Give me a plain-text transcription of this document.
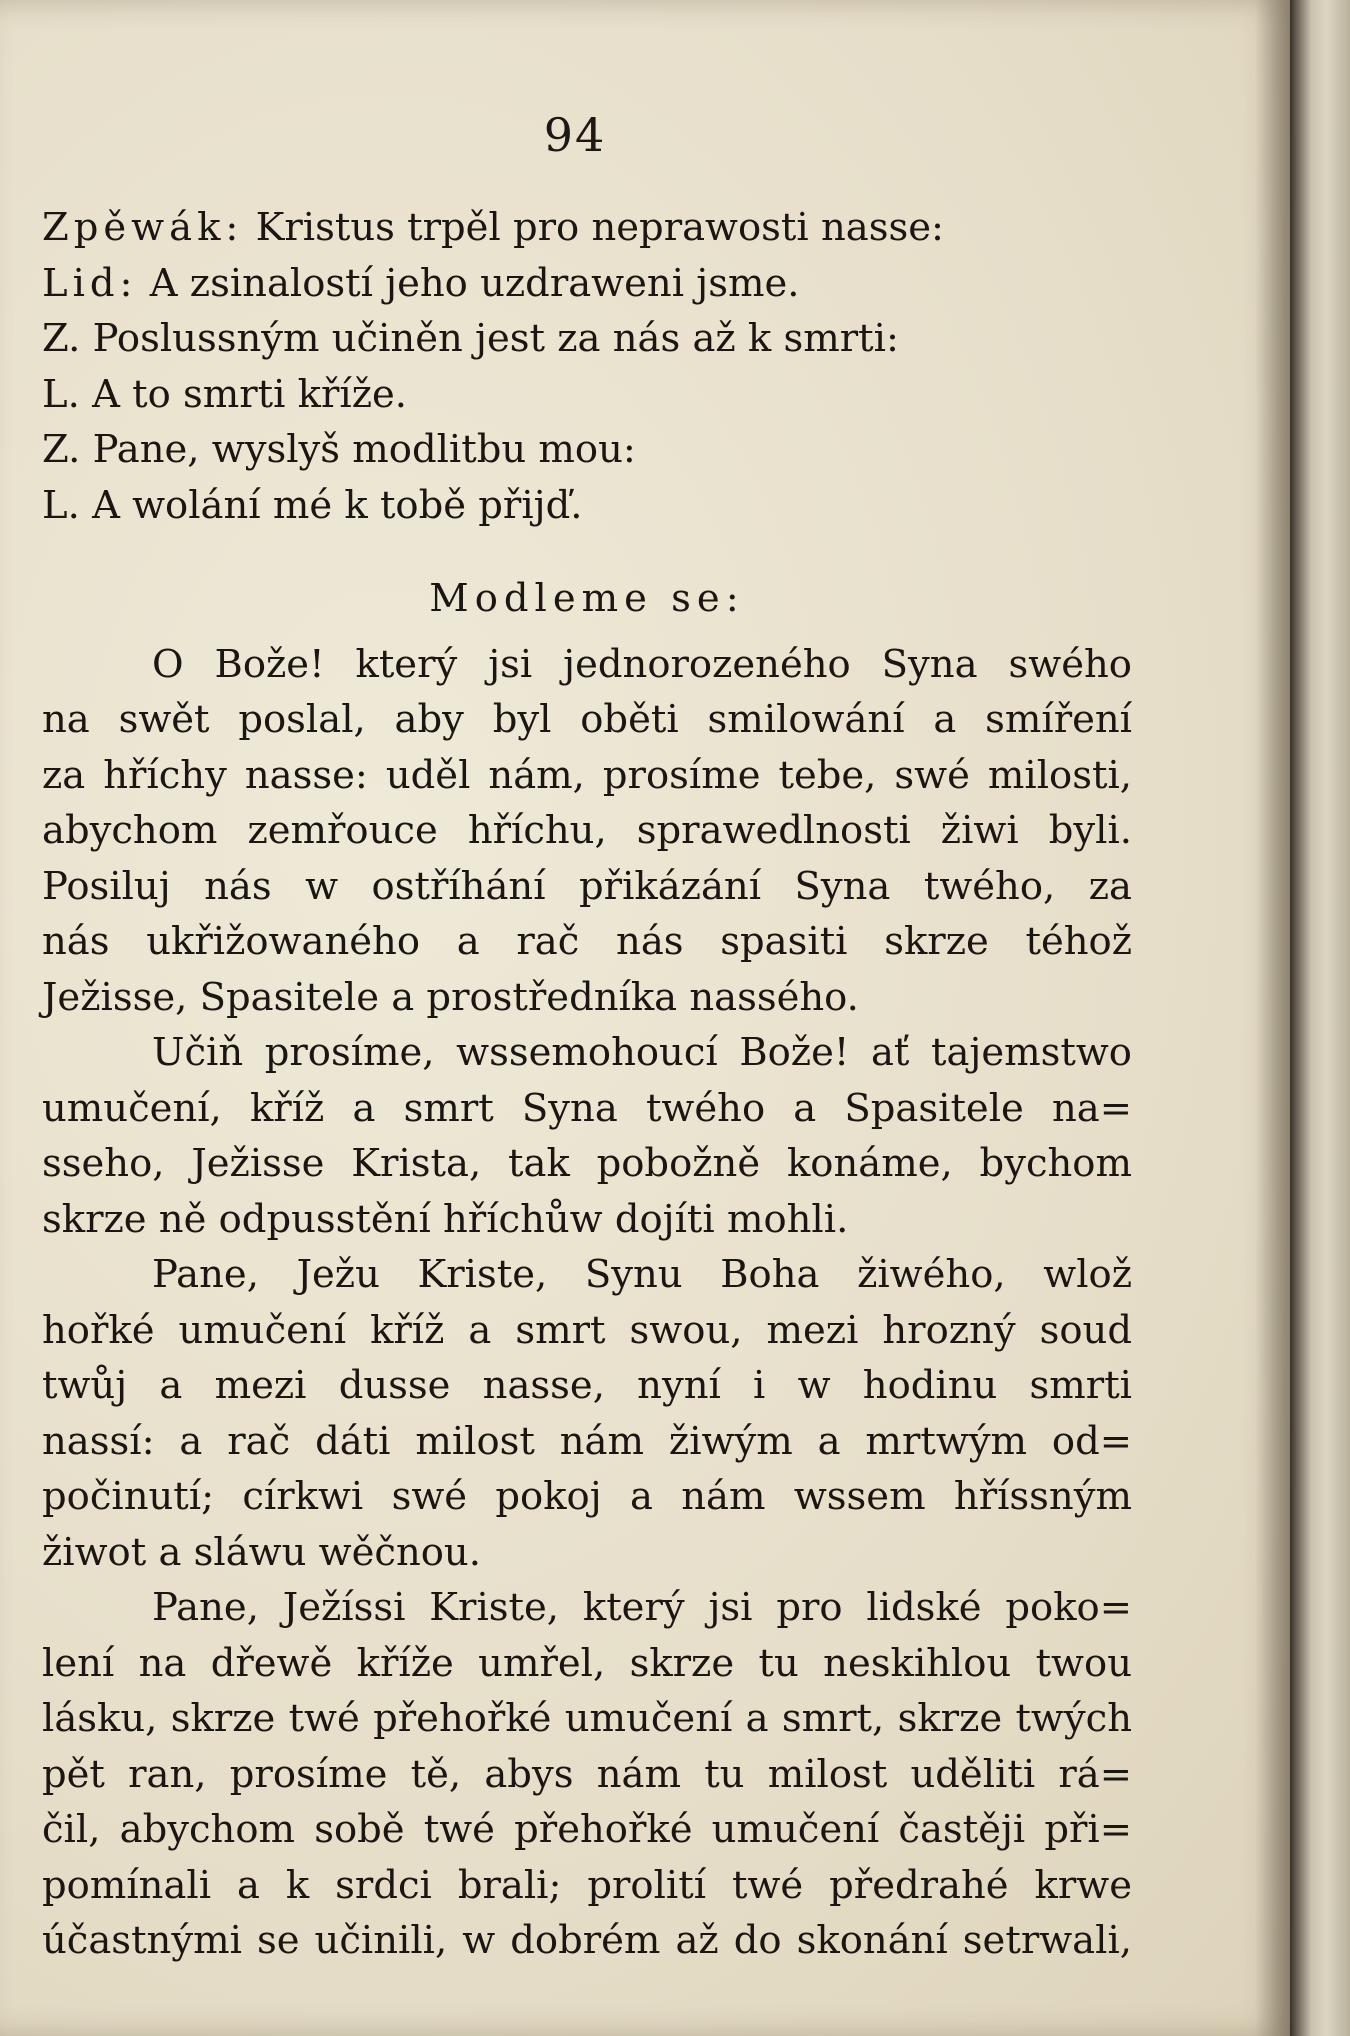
94
Zpěwák: Kristus trpěl pro neprawosti nasse:
Lid: A zsinalostí jeho uzdraweni jsme.
Z. Poslussným učiněn jest za nás až k smrti:
L. A to smrti kříže.
Z. Pane, wyslyš modlitbu mou:
L. A wolání mé k tobě přijď.
Modleme se:
O Bože! který jsi jednorozeného Syna swého
na swět poslal, aby byl oběti smilowání a smíření
za hříchy nasse: uděl nám, prosíme tebe, swé milosti,
abychom zemřouce hříchu, sprawedlnosti žiwi byli.
Posiluj nás w ostříhání přikázání Syna twého, za
nás ukřižowaného a rač nás spasiti skrze téhož
Ježisse, Spasitele a prostředníka nassého.
Učiň prosíme, wssemohoucí Bože! ať tajemstwo
umučení, kříž a smrt Syna twého a Spasitele na=
sseho, Ježisse Krista, tak pobožně konáme, bychom
skrze ně odpusstění hříchůw dojíti mohli.
Pane, Ježu Kriste, Synu Boha žiwého, wlož
hořké umučení kříž a smrt swou, mezi hrozný soud
twůj a mezi dusse nasse, nyní i w hodinu smrti
nassí: a rač dáti milost nám žiwým a mrtwým od=
počinutí; církwi swé pokoj a nám wssem hříssným
žiwot a sláwu wěčnou.
Pane, Ježíssi Kriste, který jsi pro lidské poko=
lení na dřewě kříže umřel, skrze tu neskihlou twou
lásku, skrze twé přehořké umučení a smrt, skrze twých
pět ran, prosíme tě, abys nám tu milost uděliti rá=
čil, abychom sobě twé přehořké umučení častěji při=
pomínali a k srdci brali; prolití twé předrahé krwe
účastnými se učinili, w dobrém až do skonání setrwali,
